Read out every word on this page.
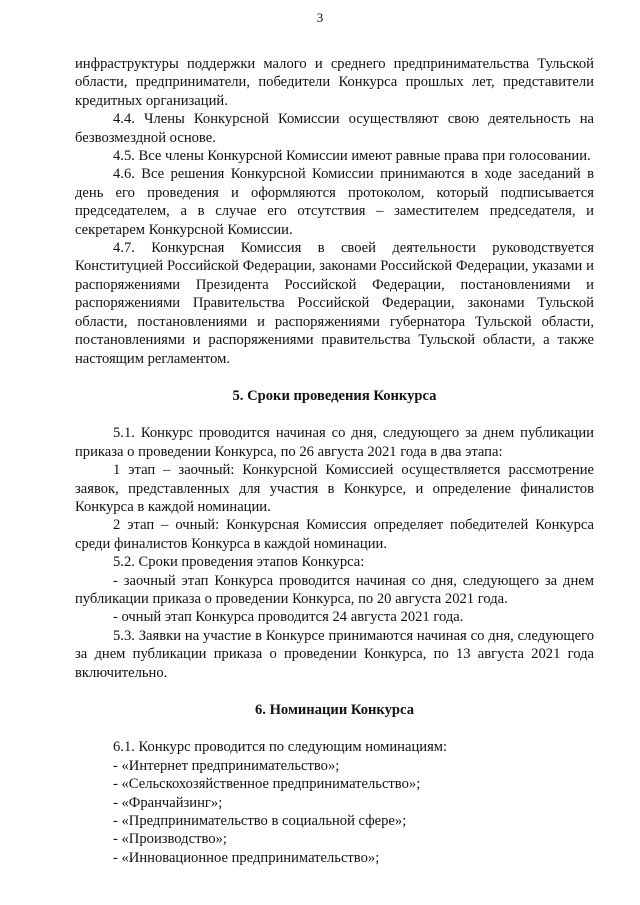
3

инфраструктуры поддержки малого и среднего предпринимательства Тульской области, предприниматели, победители Конкурса прошлых лет, представители кредитных организаций.

4.4. Члены Конкурсной Комиссии осуществляют свою деятельность на безвозмездной основе.

4.5. Все члены Конкурсной Комиссии имеют равные права при голосовании.

4.6. Все решения Конкурсной Комиссии принимаются в ходе заседаний в день его проведения и оформляются протоколом, который подписывается председателем, а в случае его отсутствия – заместителем председателя, и секретарем Конкурсной Комиссии.

4.7. Конкурсная Комиссия в своей деятельности руководствуется Конституцией Российской Федерации, законами Российской Федерации, указами и распоряжениями Президента Российской Федерации, постановлениями и распоряжениями Правительства Российской Федерации, законами Тульской области, постановлениями и распоряжениями губернатора Тульской области, постановлениями и распоряжениями правительства Тульской области, а также настоящим регламентом.

5. Сроки проведения Конкурса

5.1. Конкурс проводится начиная со дня, следующего за днем публикации приказа о проведении Конкурса, по 26 августа 2021 года в два этапа:

1 этап – заочный: Конкурсной Комиссией осуществляется рассмотрение заявок, представленных для участия в Конкурсе, и определение финалистов Конкурса в каждой номинации.

2 этап – очный: Конкурсная Комиссия определяет победителей Конкурса среди финалистов Конкурса в каждой номинации.

5.2. Сроки проведения этапов Конкурса:

- заочный этап Конкурса проводится начиная со дня, следующего за днем публикации приказа о проведении Конкурса, по 20 августа 2021 года.

- очный этап Конкурса проводится 24 августа 2021 года.

5.3. Заявки на участие в Конкурсе принимаются начиная со дня, следующего за днем публикации приказа о проведении Конкурса, по 13 августа 2021 года включительно.

6. Номинации Конкурса

6.1. Конкурс проводится по следующим номинациям:

- «Интернет предпринимательство»;

- «Сельскохозяйственное предпринимательство»;

- «Франчайзинг»;

- «Предпринимательство в социальной сфере»;

- «Производство»;

- «Инновационное предпринимательство»;
